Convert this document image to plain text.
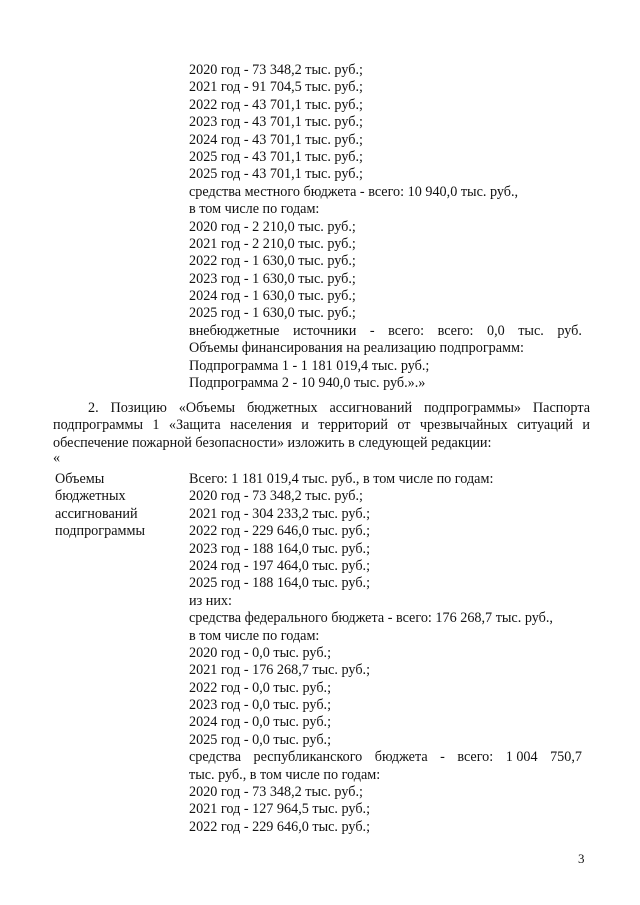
2020 год - 73 348,2 тыс. руб.;
2021 год - 91 704,5 тыс. руб.;
2022 год - 43 701,1 тыс. руб.;
2023 год - 43 701,1 тыс. руб.;
2024 год - 43 701,1 тыс. руб.;
2025 год - 43 701,1 тыс. руб.;
2025 год - 43 701,1 тыс. руб.;
средства местного бюджета - всего: 10 940,0 тыс. руб.,
в том числе по годам:
2020 год - 2 210,0 тыс. руб.;
2021 год - 2 210,0 тыс. руб.;
2022 год - 1 630,0 тыс. руб.;
2023 год - 1 630,0 тыс. руб.;
2024 год - 1 630,0 тыс. руб.;
2025 год - 1 630,0 тыс. руб.;
внебюджетные источники - всего: всего: 0,0 тыс. руб.
Объемы финансирования на реализацию подпрограмм:
Подпрограмма 1 - 1 181 019,4 тыс. руб.;
Подпрограмма 2 - 10 940,0 тыс. руб.».»
2. Позицию «Объемы бюджетных ассигнований подпрограммы» Паспорта подпрограммы 1 «Защита населения и территорий от чрезвычайных ситуаций и обеспечение пожарной безопасности» изложить в следующей редакции:
«
Объемы
бюджетных
ассигнований
подпрограммы
Всего: 1 181 019,4 тыс. руб., в том числе по годам:
2020 год - 73 348,2 тыс. руб.;
2021 год - 304 233,2 тыс. руб.;
2022 год - 229 646,0 тыс. руб.;
2023 год - 188 164,0 тыс. руб.;
2024 год - 197 464,0 тыс. руб.;
2025 год - 188 164,0 тыс. руб.;
из них:
средства федерального бюджета - всего: 176 268,7 тыс. руб.,
в том числе по годам:
2020 год - 0,0 тыс. руб.;
2021 год - 176 268,7 тыс. руб.;
2022 год - 0,0 тыс. руб.;
2023 год - 0,0 тыс. руб.;
2024 год - 0,0 тыс. руб.;
2025 год - 0,0 тыс. руб.;
средства республиканского бюджета - всего: 1 004 750,7
тыс. руб., в том числе по годам:
2020 год - 73 348,2 тыс. руб.;
2021 год - 127 964,5 тыс. руб.;
2022 год - 229 646,0 тыс. руб.;
3
